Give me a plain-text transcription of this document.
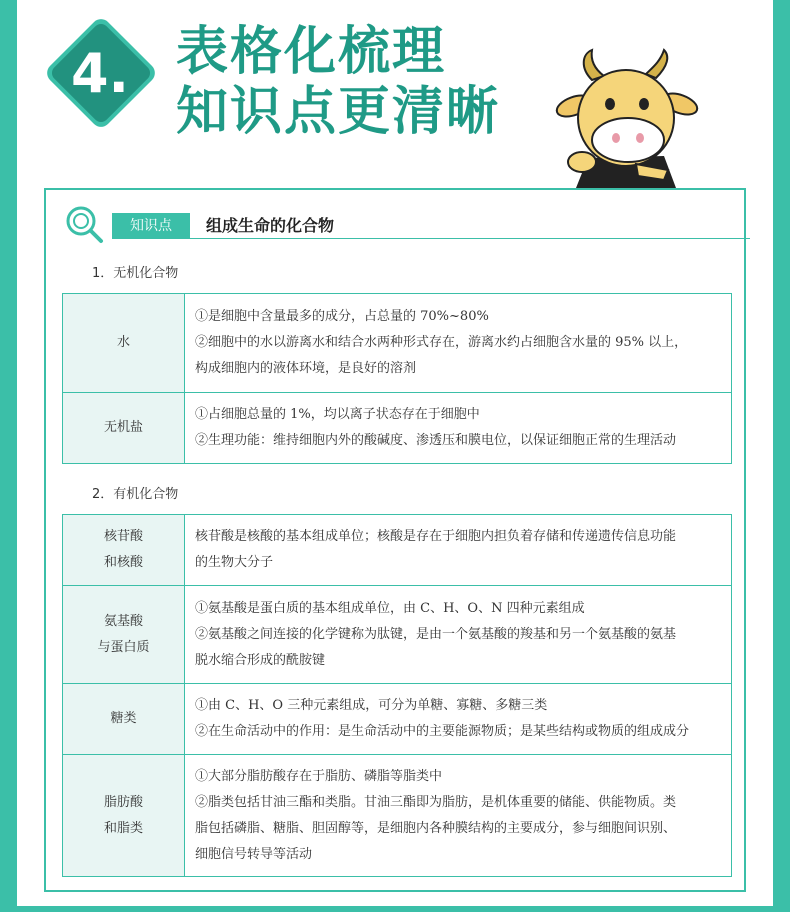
4. 表格化梳理
知识点更清晰
知识点	组成生命的化合物
1．无机化合物
水	①是细胞中含量最多的成分，占总量的 70%~80%
②细胞中的水以游离水和结合水两种形式存在，游离水约占细胞含水量的 95% 以上，
构成细胞内的液体环境，是良好的溶剂

无机盐	①占细胞总量的 1%，均以离子状态存在于细胞中
②生理功能：维持细胞内外的酸碱度、渗透压和膜电位，以保证细胞正常的生理活动
2．有机化合物
核苷酸
和核酸	核苷酸是核酸的基本组成单位；核酸是存在于细胞内担负着存储和传递遗传信息功能
的生物大分子

氨基酸
与蛋白质	①氨基酸是蛋白质的基本组成单位，由 C、H、O、N 四种元素组成
②氨基酸之间连接的化学键称为肽键，是由一个氨基酸的羧基和另一个氨基酸的氨基
脱水缩合形成的酰胺键

糖类	①由 C、H、O 三种元素组成，可分为单糖、寡糖、多糖三类
②在生命活动中的作用：是生命活动中的主要能源物质；是某些结构或物质的组成成分

脂肪酸
和脂类	①大部分脂肪酸存在于脂肪、磷脂等脂类中
②脂类包括甘油三酯和类脂。甘油三酯即为脂肪，是机体重要的储能、供能物质。类
脂包括磷脂、糖脂、胆固醇等，是细胞内各种膜结构的主要成分，参与细胞间识别、
细胞信号转导等活动
